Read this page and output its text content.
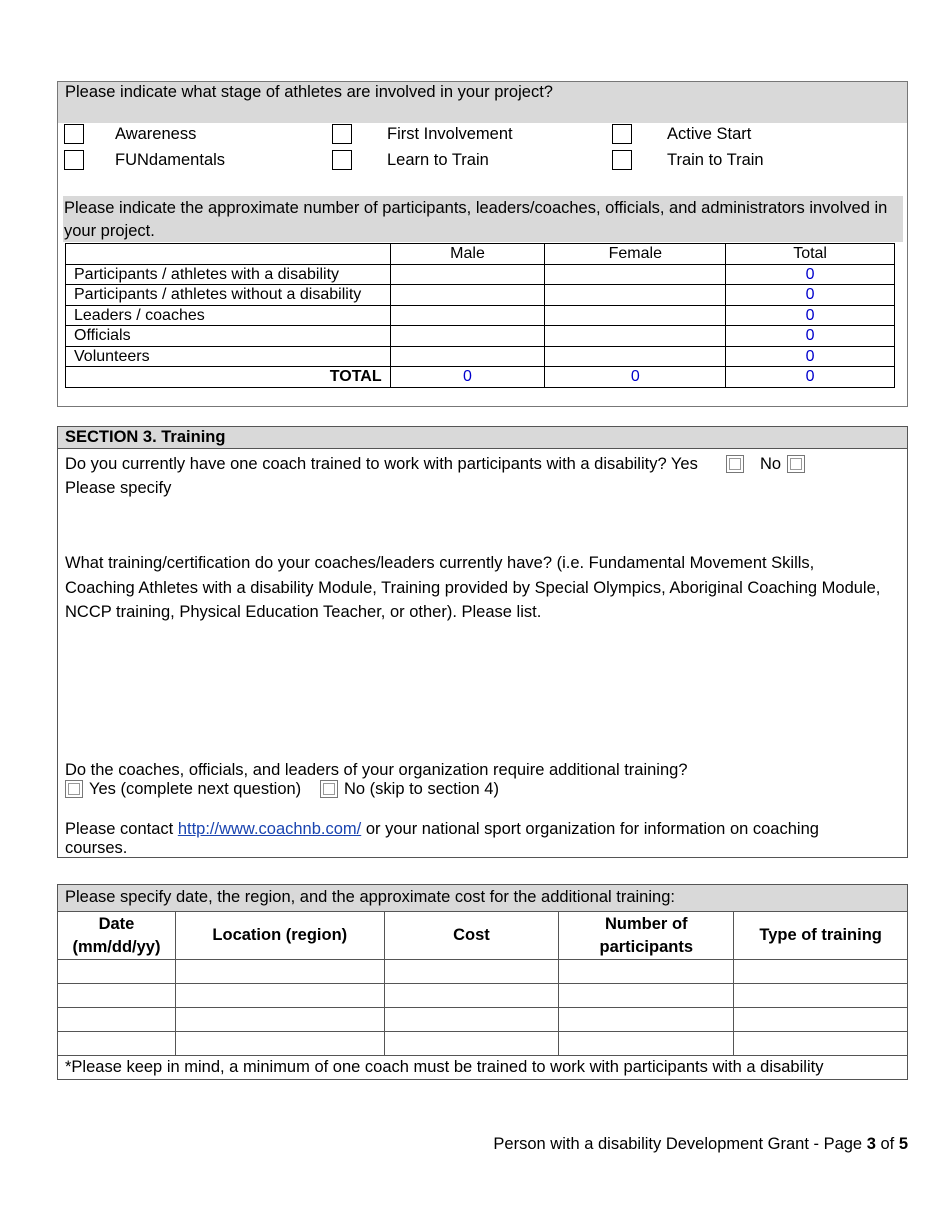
Please indicate what stage of athletes are involved in your project?
Awareness	First Involvement	Active Start
FUNdamentals	Learn to Train	Train to Train
Please indicate the approximate number of participants, leaders/coaches, officials, and administrators involved in your project.
	Male	Female	Total
Participants / athletes with a disability			0
Participants / athletes without a disability			0
Leaders / coaches			0
Officials			0
Volunteers			0
TOTAL	0	0	0
SECTION 3. Training
Do you currently have one coach trained to work with participants with a disability? Yes	No
Please specify
What training/certification do your coaches/leaders currently have? (i.e. Fundamental Movement Skills, Coaching Athletes with a disability Module, Training provided by Special Olympics, Aboriginal Coaching Module, NCCP training, Physical Education Teacher, or other). Please list.
Do the coaches, officials, and leaders of your organization require additional training?
Yes (complete next question)	No (skip to section 4)
Please contact http://www.coachnb.com/ or your national sport organization for information on coaching courses.
Please specify date, the region, and the approximate cost for the additional training:
Date (mm/dd/yy)	Location (region)	Cost	Number of participants	Type of training

*Please keep in mind, a minimum of one coach must be trained to work with participants with a disability				
Person with a disability Development Grant - Page 3 of 5
